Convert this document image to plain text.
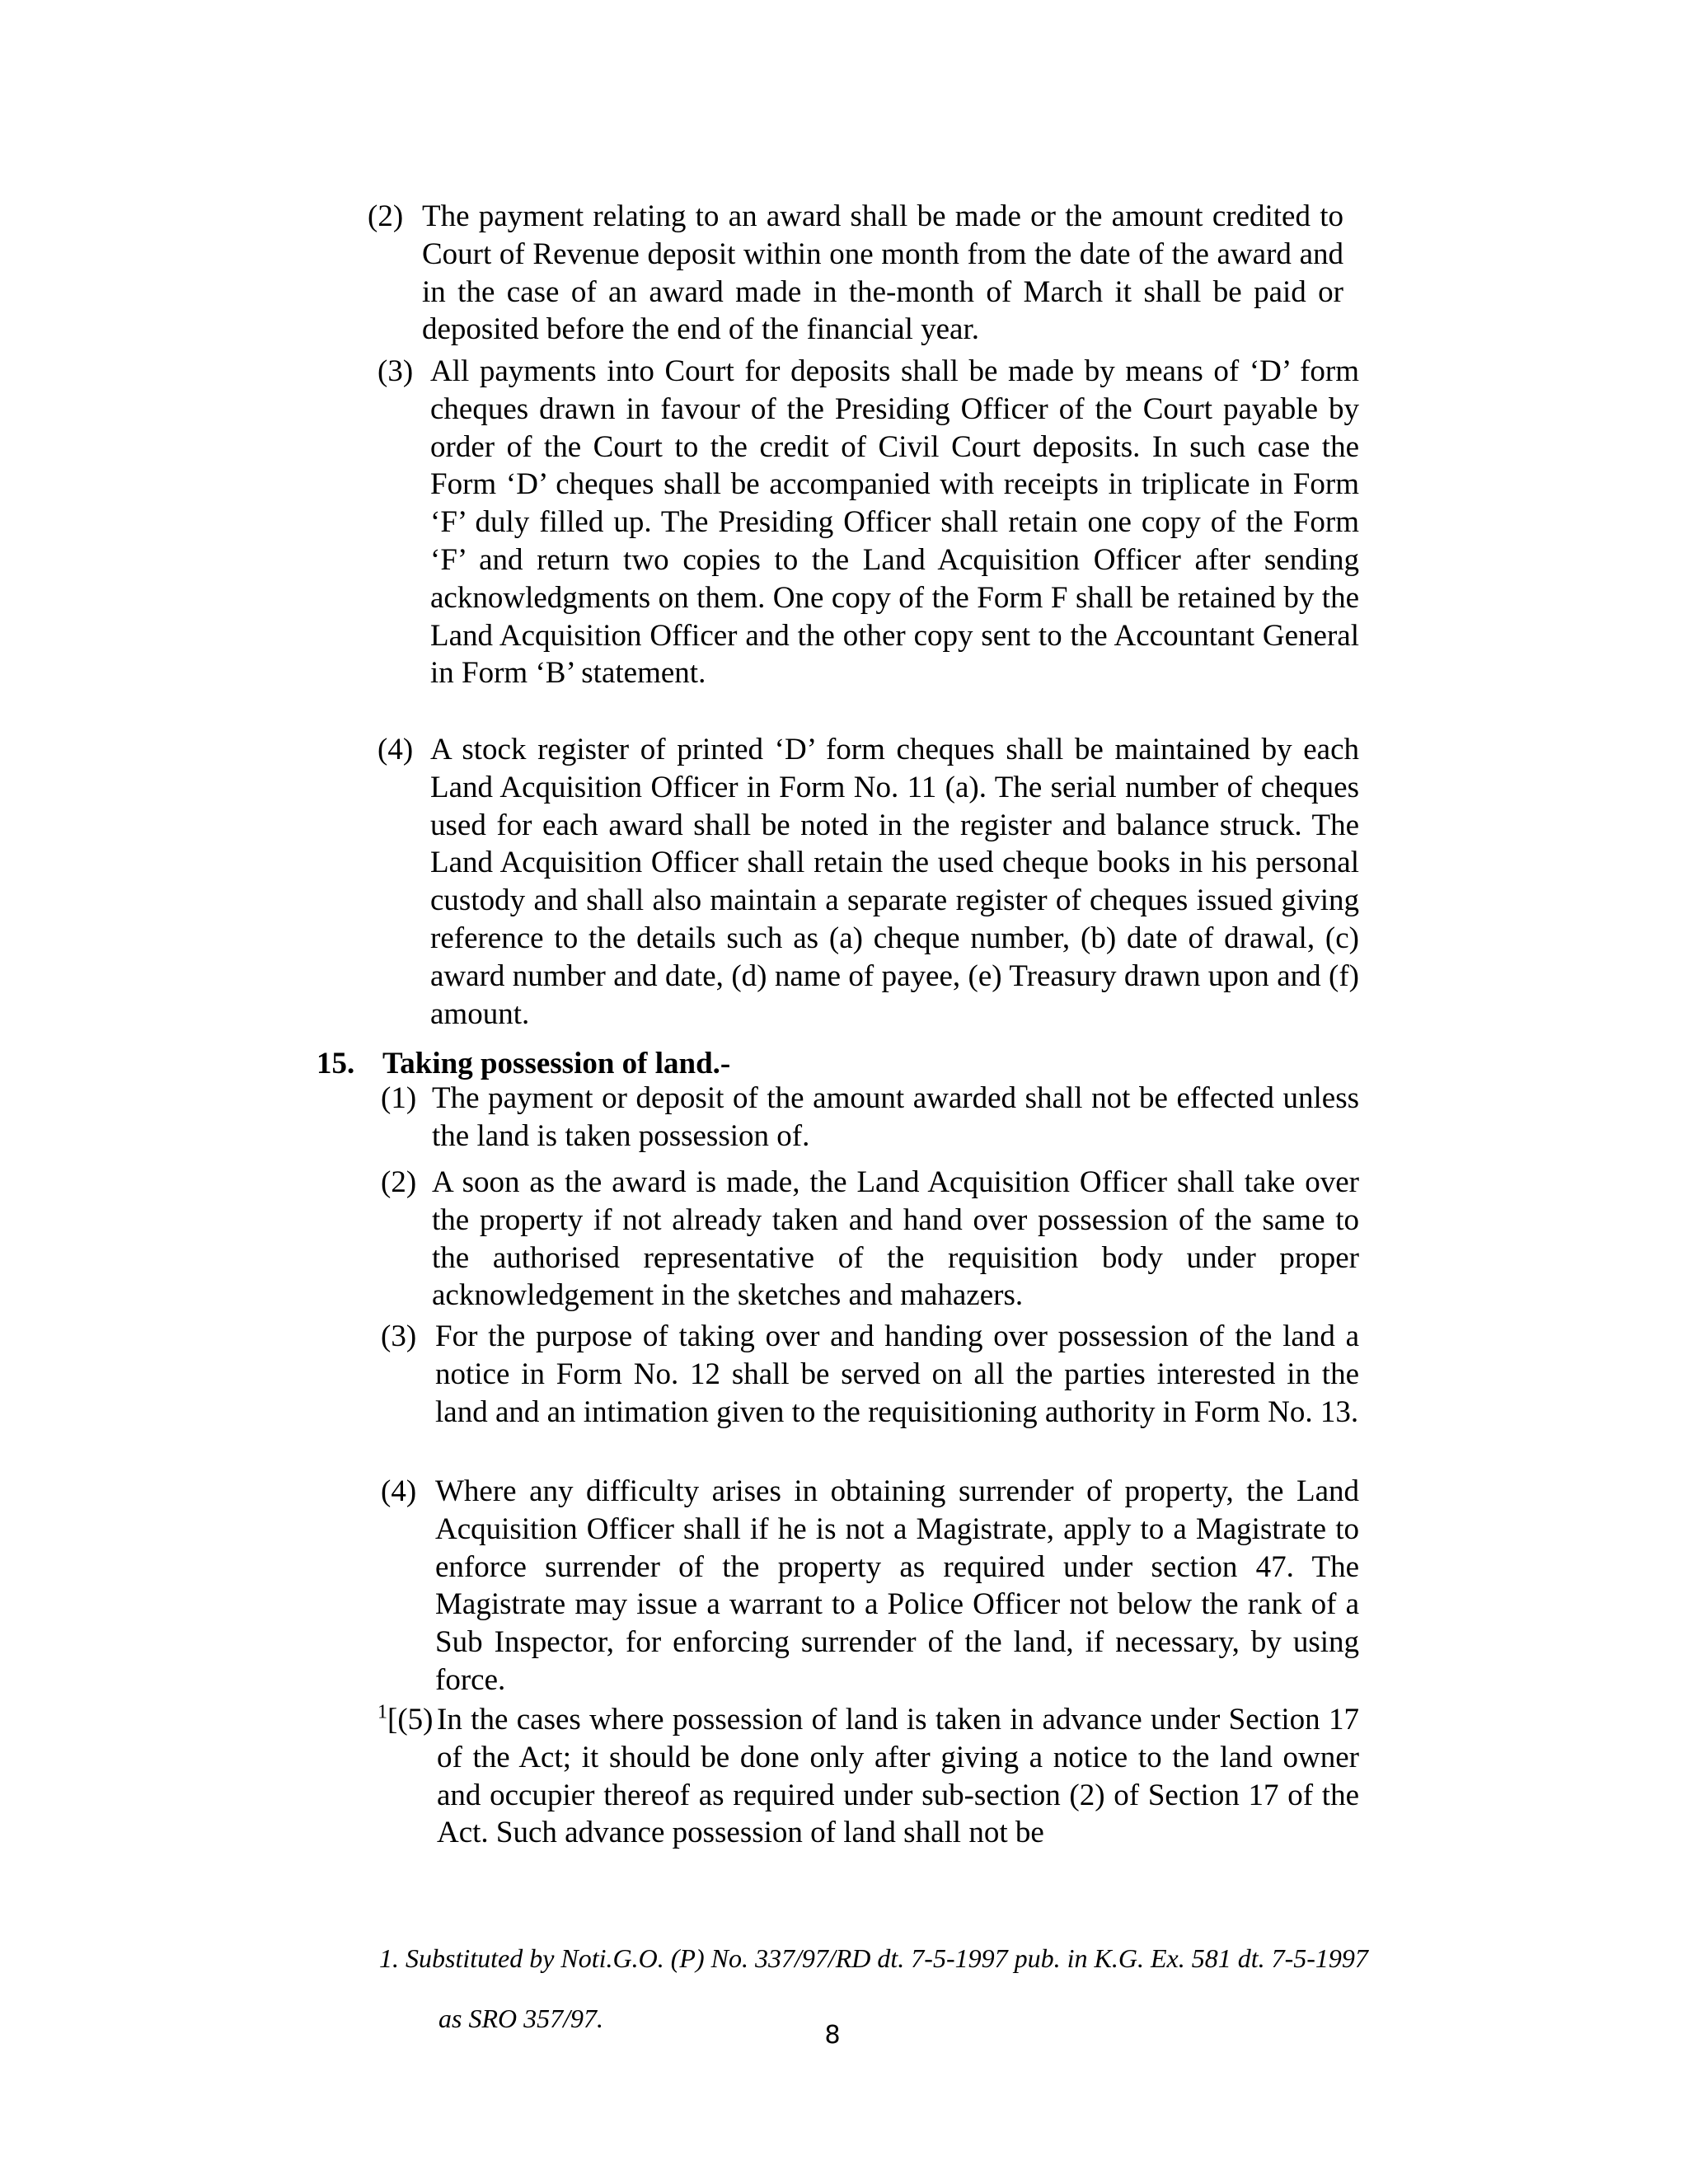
(2) The payment relating to an award shall be made or the amount credited to Court of Revenue deposit within one month from the date of the award and in the case of an award made in the-month of March it shall be paid or deposited before the end of the financial year.
(3) All payments into Court for deposits shall be made by means of ‘D’ form cheques drawn in favour of the Presiding Officer of the Court payable by order of the Court to the credit of Civil Court deposits. In such case the Form ‘D’ cheques shall be accompanied with receipts in triplicate in Form ‘F’ duly filled up. The Presiding Officer shall retain one copy of the Form ‘F’ and return two copies to the Land Acquisition Officer after sending acknowledgments on them. One copy of the Form F shall be retained by the Land Acquisition Officer and the other copy sent to the Accountant General in Form ‘B’ statement.
(4) A stock register of printed ‘D’ form cheques shall be maintained by each Land Acquisition Officer in Form No. 11 (a). The serial number of cheques used for each award shall be noted in the register and balance struck. The Land Acquisition Officer shall retain the used cheque books in his personal custody and shall also maintain a separate register of cheques issued giving reference to the details such as (a) cheque number, (b) date of drawal, (c) award number and date, (d) name of payee, (e) Treasury drawn upon and (f) amount.
15. Taking possession of land.-
(1) The payment or deposit of the amount awarded shall not be effected unless the land is taken possession of.
(2) A soon as the award is made, the Land Acquisition Officer shall take over the property if not already taken and hand over possession of the same to the authorised representative of the requisition body under proper acknowledgement in the sketches and mahazers.
(3) For the purpose of taking over and handing over possession of the land a notice in Form No. 12 shall be served on all the parties interested in the land and an intimation given to the requisitioning authority in Form No. 13.
(4) Where any difficulty arises in obtaining surrender of property, the Land Acquisition Officer shall if he is not a Magistrate, apply to a Magistrate to enforce surrender of the property as required under section 47. The Magistrate may issue a warrant to a Police Officer not below the rank of a Sub Inspector, for enforcing surrender of the land, if necessary, by using force.
$^1$[(5) In the cases where possession of land is taken in advance under Section 17 of the Act; it should be done only after giving a notice to the land owner and occupier thereof as required under sub-section (2) of Section 17 of the Act. Such advance possession of land shall not be
1. Substituted by Noti.G.O. (P) No. 337/97/RD dt. 7-5-1997 pub. in K.G. Ex. 581 dt. 7-5-1997 as SRO 357/97.
8
